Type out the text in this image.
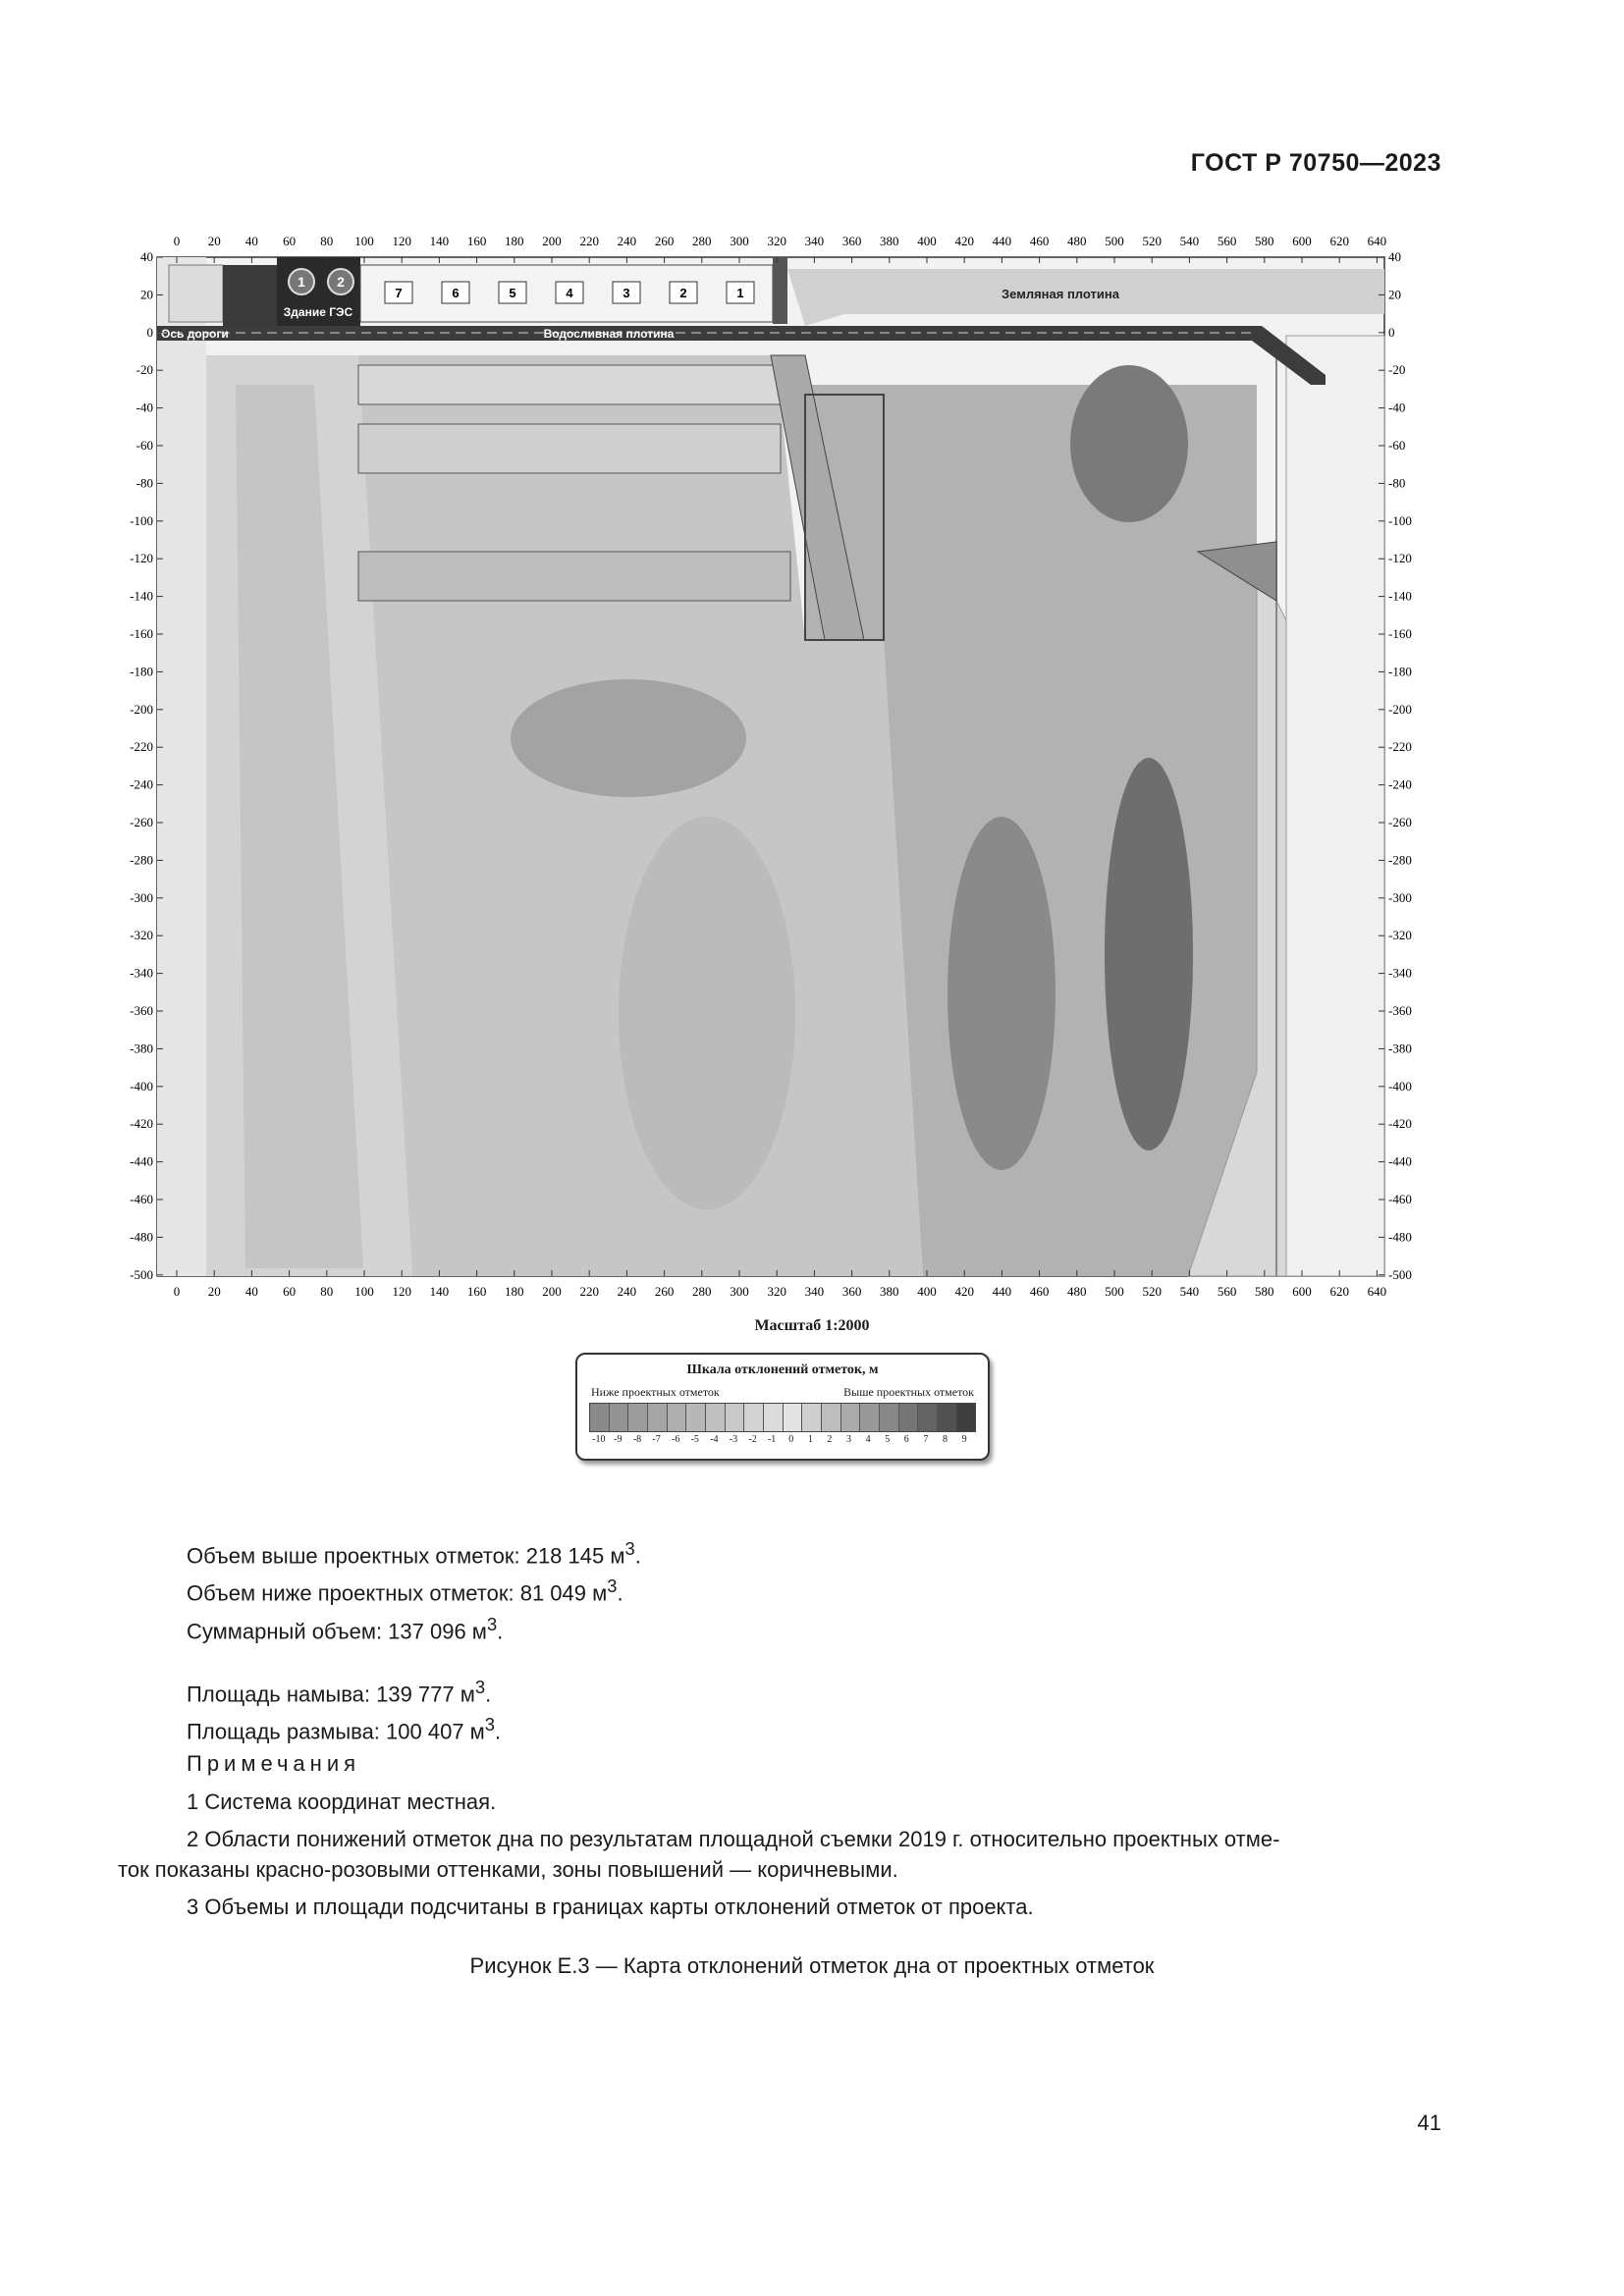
ГОСТ Р 70750—2023
Здание ГЭС
Земляная плотина
Ось дороги	Водосливная плотина
1 2
0
0
20
20
40
40
60
60
80
80
100
100
120
120
140
140
160
160
180
180
200
200
220
220
240
240
260
260
280
280
300
300
320
320
340
340
360
360
380
380
400
400
420
420
440
440
460
460
480
480
500
500
520
520
540
540
560
560
580
580
600
600
620
620
640
640
40	40
20	20
0	0
-20	-20
-40	-40
-60	-60
-80	-80
-100	-100
-120	-120
-140	-140
-160	-160
-180	-180
-200	-200
-220	-220
-240	-240
-260	-260
-280	-280
-300	-300
-320	-320
-340	-340
-360	-360
-380	-380
-400	-400
-420	-420
-440	-440
-460	-460
-480	-480
-500	-500
7	6	5	4	3	2	1
Масштаб 1:2000
Шкала отклонений отметок, м
Ниже проектных отметок	Выше проектных отметок
-10 -9	-8	-7	-6	-5	-4	-3	-2	-1	0	1	2	3	4	5	6	7	8	9

Объем выше проектных отметок: 218 145 $м^3$.

Объем ниже проектных отметок: 81 049 $м^3$.

Суммарный объем: 137 096 $м^3$.

Площадь намыва: 139 777 $м^3$.

Площадь размыва: 100 407 $м^3$.

Примечания
1 Система координат местная.
2 Области понижений отметок дна по результатам площадной съемки 2019 г. относительно проектных отме-
ток показаны красно-розовыми оттенками, зоны повышений — коричневыми.
3 Объемы и площади подсчитаны в границах карты отклонений отметок от проекта.
Рисунок Е.3 — Карта отклонений отметок дна от проектных отметок
41
